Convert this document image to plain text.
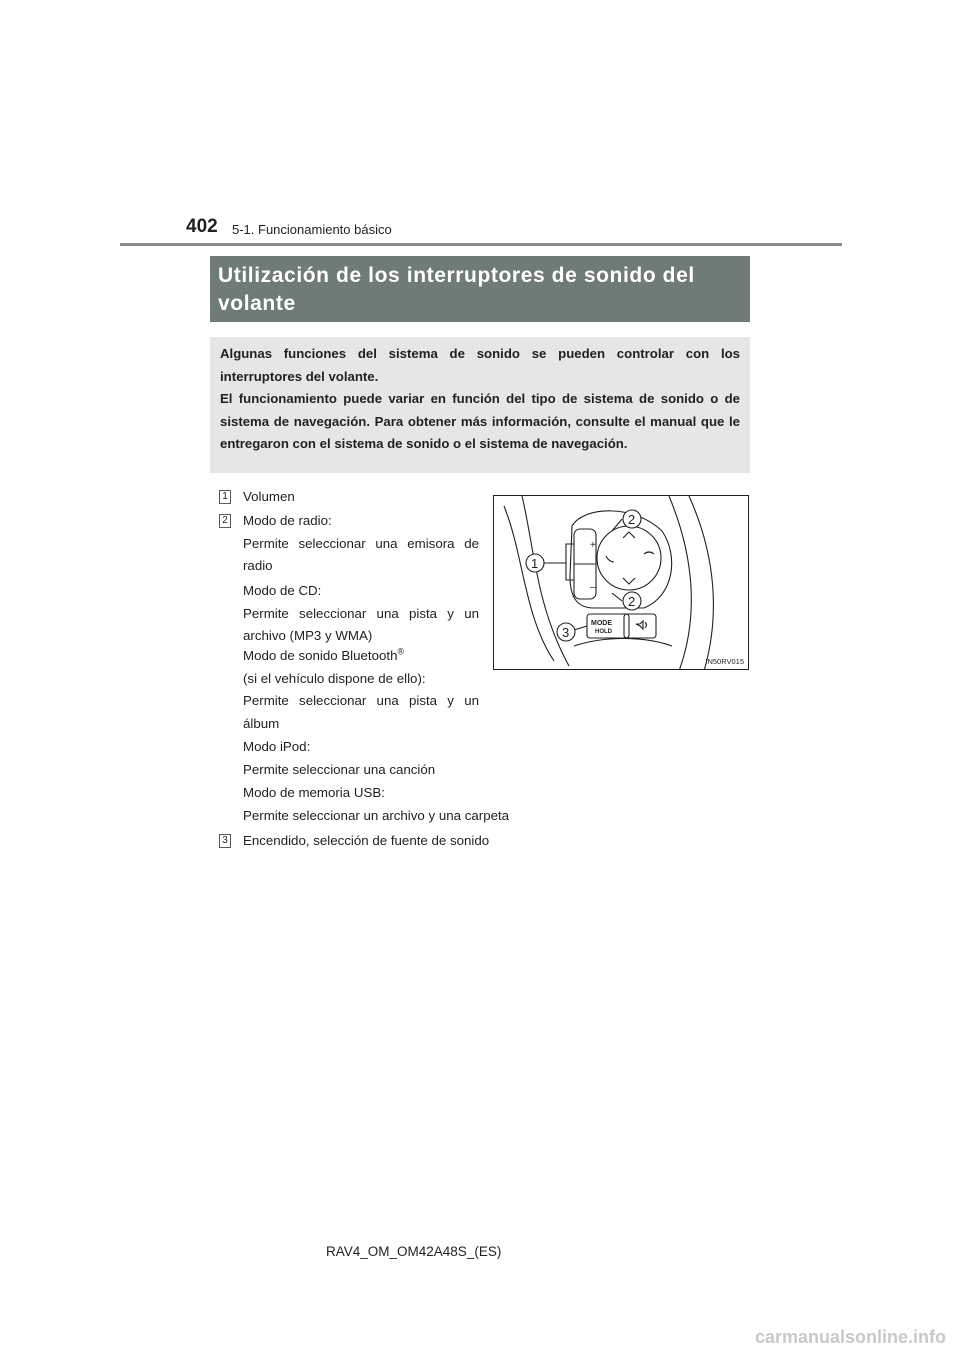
402 5-1. Funcionamiento básico
Utilización de los interruptores de sonido del volante

Algunas funciones del sistema de sonido se pueden controlar con los interruptores del volante.

El funcionamiento puede variar en función del tipo de sistema de sonido o de sistema de navegación. Para obtener más información, consulte el manual que le entregaron con el sistema de sonido o el sistema de navegación.

1 Volumen
2 Modo de radio:
Permite seleccionar una emisora de radio
Modo de CD:
Permite seleccionar una pista y un archivo (MP3 y WMA)
Modo de sonido Bluetooth®
(si el vehículo dispone de ello):
Permite seleccionar una pista y un álbum
Modo iPod:
Permite seleccionar una canción
Modo de memoria USB:
Permite seleccionar un archivo y una carpeta
3 Encendido, selección de fuente de sonido
+
–
MODE
HOLD
2
1
2
3
IN50RV015
RAV4_OM_OM42A48S_(ES)
carmanualsonline.info
